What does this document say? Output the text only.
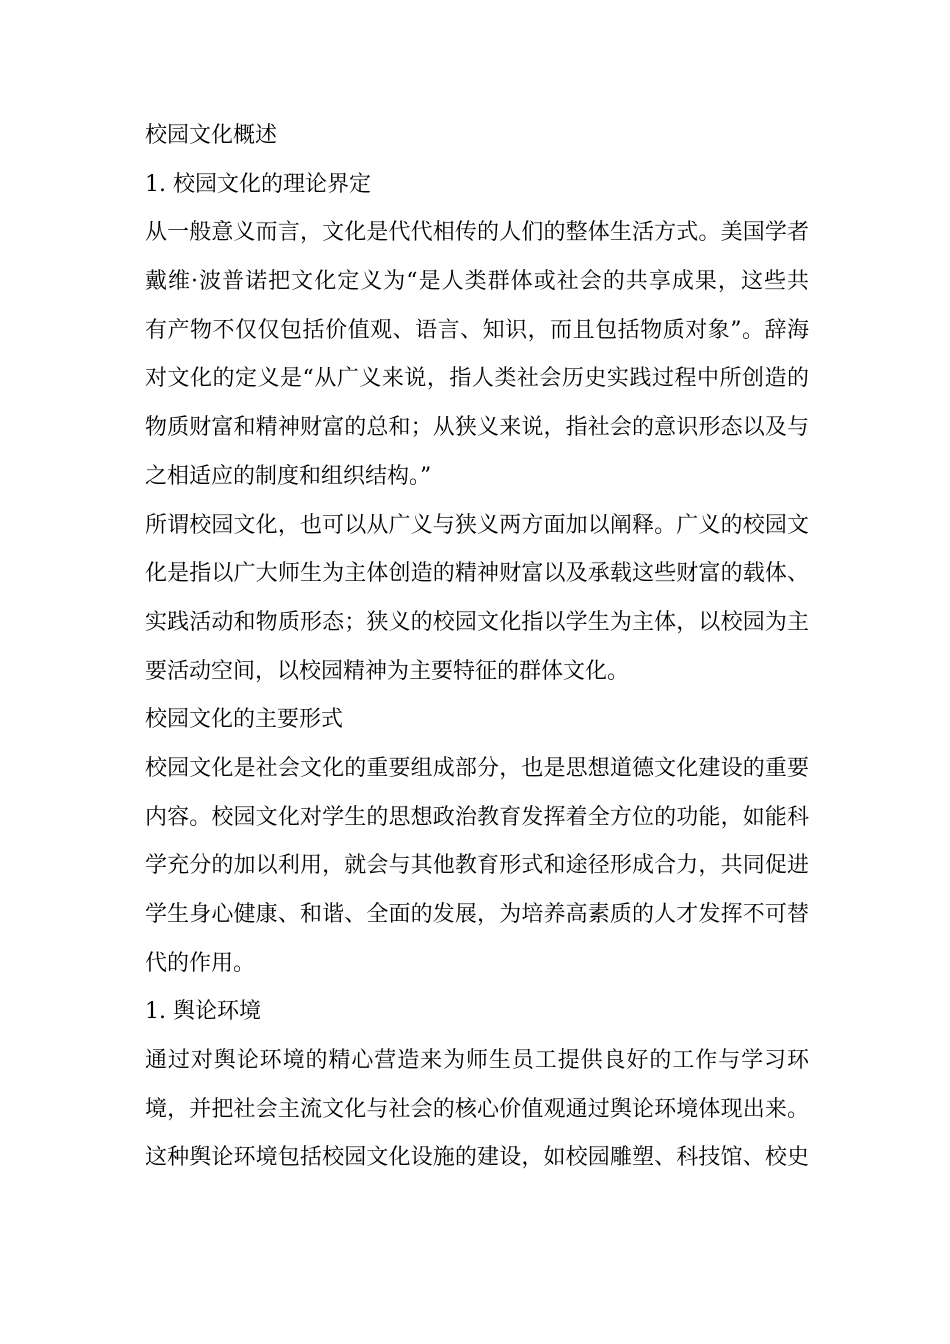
校园文化概述
1. 校园文化的理论界定
从一般意义而言，文化是代代相传的人们的整体生活方式。美国学者
戴维·波普诺把文化定义为“是人类群体或社会的共享成果，这些共
有产物不仅仅包括价值观、语言、知识，而且包括物质对象”。辞海
对文化的定义是“从广义来说，指人类社会历史实践过程中所创造的
物质财富和精神财富的总和；从狭义来说，指社会的意识形态以及与
之相适应的制度和组织结构。”
所谓校园文化，也可以从广义与狭义两方面加以阐释。广义的校园文
化是指以广大师生为主体创造的精神财富以及承载这些财富的载体、
实践活动和物质形态；狭义的校园文化指以学生为主体，以校园为主
要活动空间，以校园精神为主要特征的群体文化。
校园文化的主要形式
校园文化是社会文化的重要组成部分，也是思想道德文化建设的重要
内容。校园文化对学生的思想政治教育发挥着全方位的功能，如能科
学充分的加以利用，就会与其他教育形式和途径形成合力，共同促进
学生身心健康、和谐、全面的发展，为培养高素质的人才发挥不可替
代的作用。
1. 舆论环境
通过对舆论环境的精心营造来为师生员工提供良好的工作与学习环
境，并把社会主流文化与社会的核心价值观通过舆论环境体现出来。
这种舆论环境包括校园文化设施的建设，如校园雕塑、科技馆、校史
